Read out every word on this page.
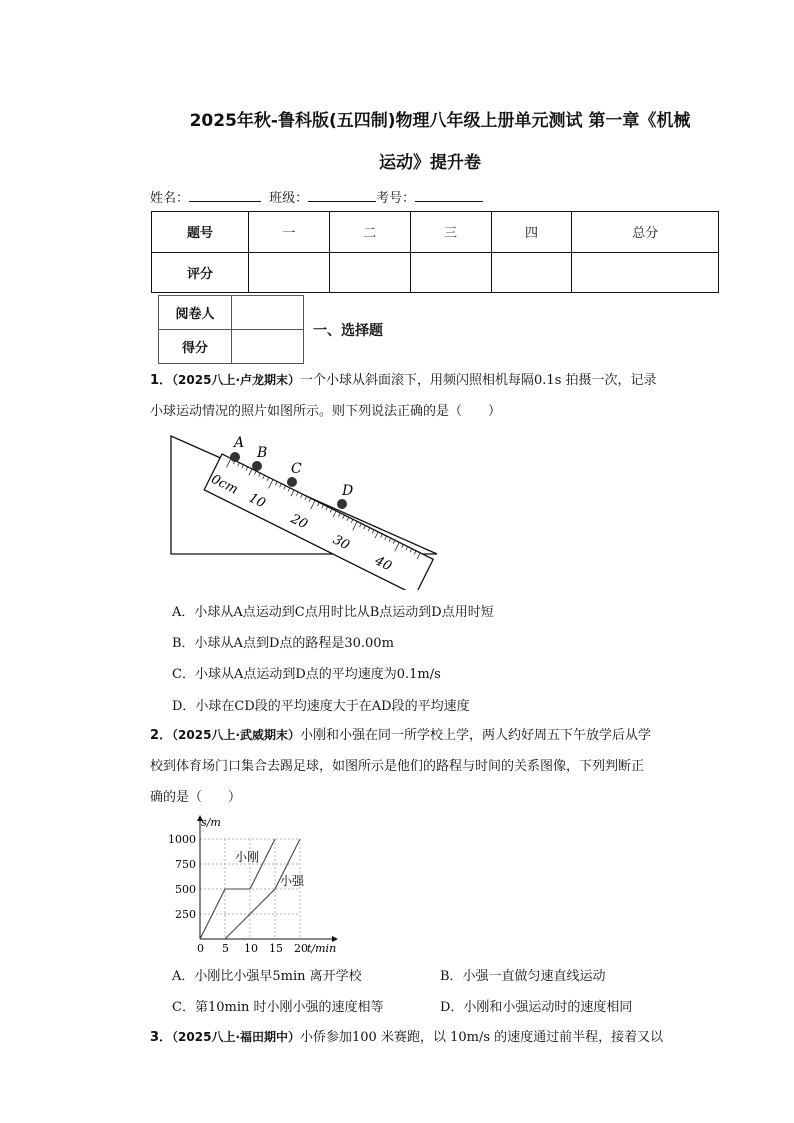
2025年秋-鲁科版(五四制)物理八年级上册单元测试 第一章《机械
运动》提升卷
姓名：	班级：	考号：
题号	一	二	三	四	总分
评分					
阅卷人	
得分	
一、选择题
1．（2025八上·卢龙期末）一个小球从斜面滚下，用频闪照相机每隔0.1s 拍摄一次，记录
小球运动情况的照片如图所示。则下列说法正确的是（　　）
0cm
10
20
30
40
A
B
C
D
A．小球从A点运动到C点用时比从B点运动到D点用时短
B．小球从A点到D点的路程是30.00m
C．小球从A点运动到D点的平均速度为0.1m/s
D．小球在CD段的平均速度大于在AD段的平均速度
2．（2025八上·武威期末）小刚和小强在同一所学校上学，两人约好周五下午放学后从学
校到体育场门口集合去踢足球，如图所示是他们的路程与时间的关系图像，下列判断正
确的是（　　）
0 5 10 15 20
250
500
750
1000
s/m
t/min
小刚
小强
A．小刚比小强早5min 离开学校	B．小强一直做匀速直线运动
C．第10min 时小刚小强的速度相等	D．小刚和小强运动时的速度相同
3．（2025八上·福田期中）小侨参加100 米赛跑，以 10m/s 的速度通过前半程，接着又以
